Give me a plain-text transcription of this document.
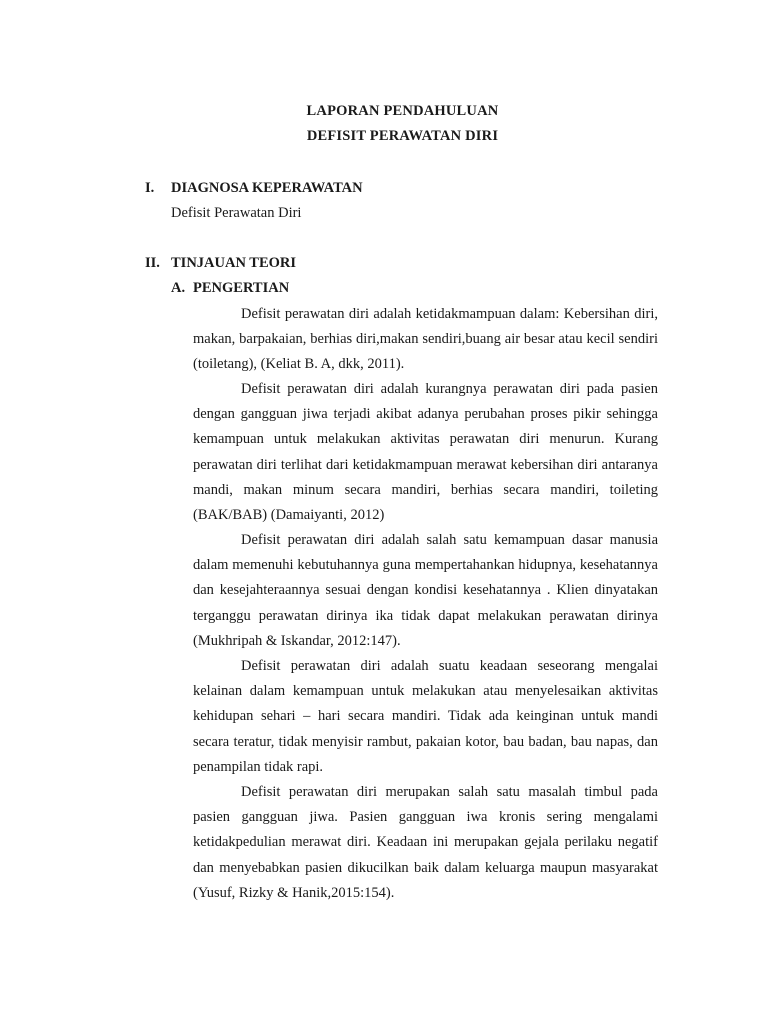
LAPORAN PENDAHULUAN
DEFISIT PERAWATAN DIRI
I. DIAGNOSA KEPERAWATAN
Defisit Perawatan Diri
II. TINJAUAN TEORI
A. PENGERTIAN

Defisit perawatan diri adalah ketidakmampuan dalam: Kebersihan diri, makan, barpakaian, berhias diri,makan sendiri,buang air besar atau kecil sendiri (toiletang), (Keliat B. A, dkk, 2011).

Defisit perawatan diri adalah kurangnya perawatan diri pada pasien dengan gangguan jiwa terjadi akibat adanya perubahan proses pikir sehingga kemampuan untuk melakukan aktivitas perawatan diri menurun. Kurang perawatan diri terlihat dari ketidakmampuan merawat kebersihan diri antaranya mandi, makan minum secara mandiri, berhias secara mandiri, toileting (BAK/BAB) (Damaiyanti, 2012)

Defisit perawatan diri adalah salah satu kemampuan dasar manusia dalam memenuhi kebutuhannya guna mempertahankan hidupnya, kesehatannya dan kesejahteraannya sesuai dengan kondisi kesehatannya . Klien dinyatakan terganggu perawatan dirinya ika tidak dapat melakukan perawatan dirinya (Mukhripah & Iskandar, 2012:147).

Defisit perawatan diri adalah suatu keadaan seseorang mengalai kelainan dalam kemampuan untuk melakukan atau menyelesaikan aktivitas kehidupan sehari – hari secara mandiri. Tidak ada keinginan untuk mandi secara teratur, tidak menyisir rambut, pakaian kotor, bau badan, bau napas, dan penampilan tidak rapi.

Defisit perawatan diri merupakan salah satu masalah timbul pada pasien gangguan jiwa. Pasien gangguan iwa kronis sering mengalami ketidakpedulian merawat diri. Keadaan ini merupakan gejala perilaku negatif dan menyebabkan pasien dikucilkan baik dalam keluarga maupun masyarakat (Yusuf, Rizky & Hanik,2015:154).
